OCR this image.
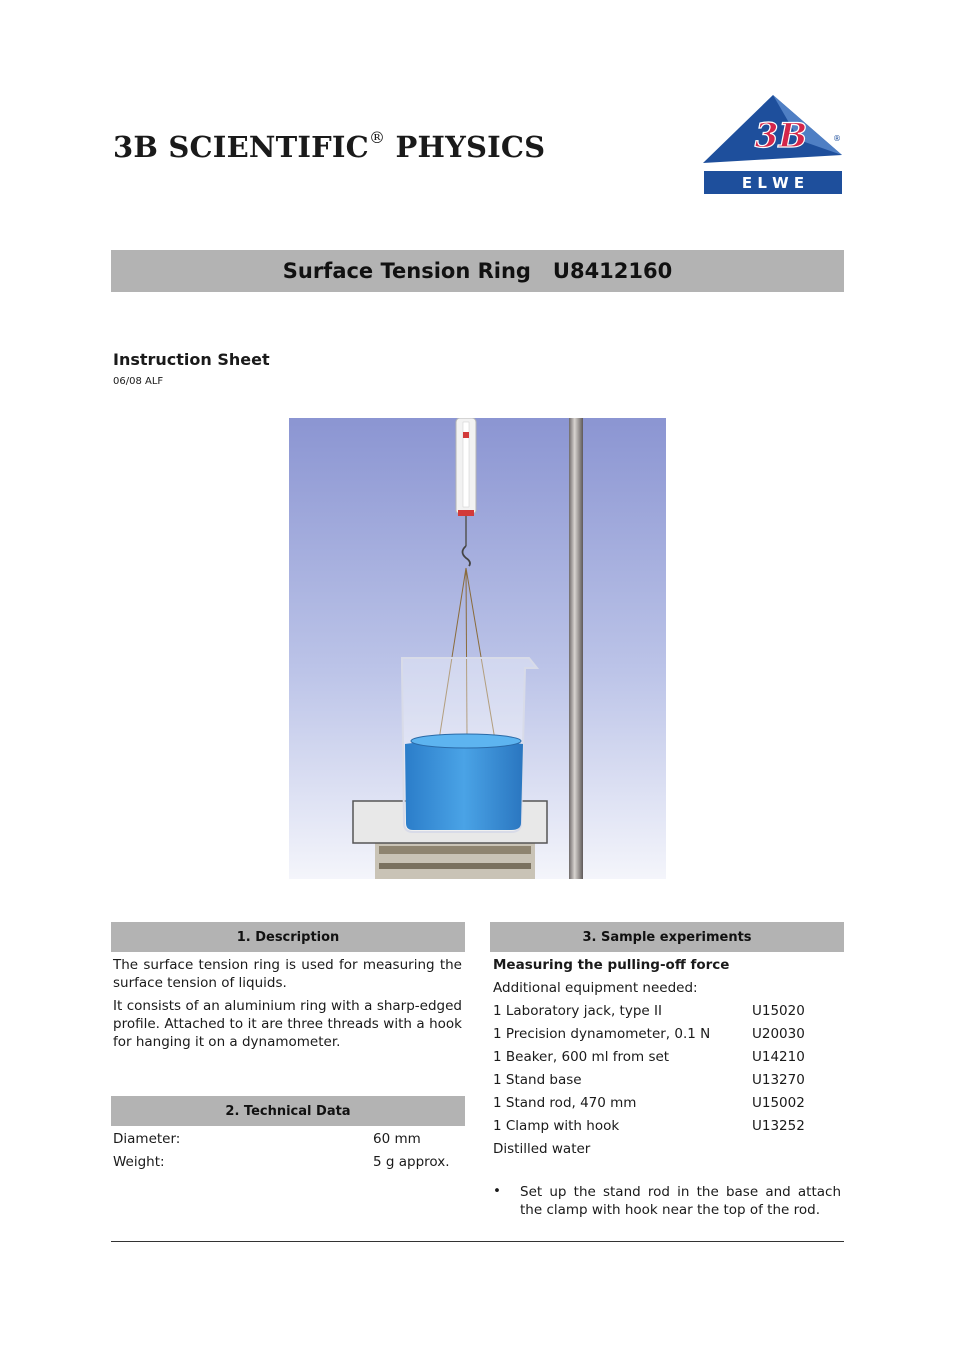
3B SCIENTIFIC® PHYSICS	3B	®
E L W E
Surface Tension Ring
U8412160
Instruction Sheet
06/08 ALF
1. Description
The surface tension ring is used for measuring the surface tension of liquids.
It consists of an aluminium ring with a sharp-edged profile. Attached to it are three threads with a hook for hanging it on a dynamometer.
2. Technical Data
Diameter:	60 mm
Weight:	5 g approx.
3. Sample experiments
Measuring the pulling-off force
Additional equipment needed:
1 Laboratory jack, type II	U15020
1 Precision dynamometer, 0.1 N	U20030
1 Beaker, 600 ml from set	U14210
1 Stand base	U13270
1 Stand rod, 470 mm	U15002
1 Clamp with hook	U13252
Distilled water
• Set up the stand rod in the base and attach the clamp with hook near the top of the rod.
